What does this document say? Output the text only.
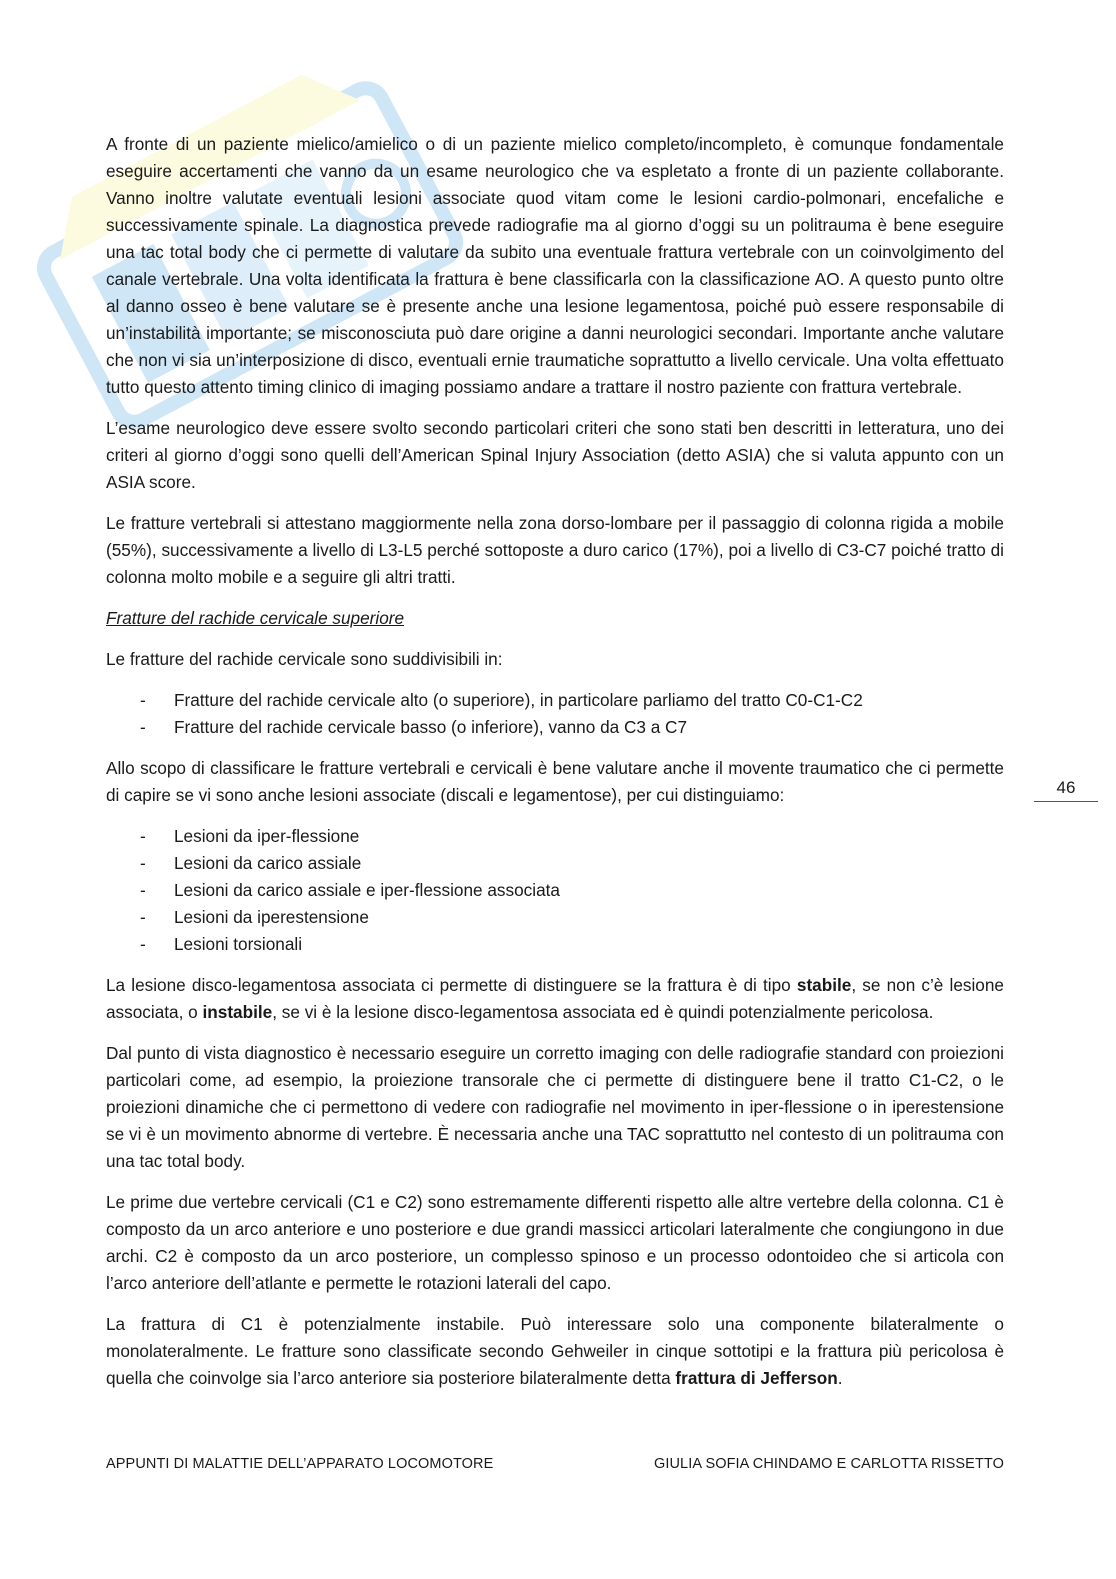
A fronte di un paziente mielico/amielico o di un paziente mielico completo/incompleto, è comunque fondamentale eseguire accertamenti che vanno da un esame neurologico che va espletato a fronte di un paziente collaborante. Vanno inoltre valutate eventuali lesioni associate quod vitam come le lesioni cardio-polmonari, encefaliche e successivamente spinale. La diagnostica prevede radiografie ma al giorno d’oggi su un politrauma è bene eseguire una tac total body che ci permette di valutare da subito una eventuale frattura vertebrale con un coinvolgimento del canale vertebrale. Una volta identificata la frattura è bene classificarla con la classificazione AO. A questo punto oltre al danno osseo è bene valutare se è presente anche una lesione legamentosa, poiché può essere responsabile di un’instabilità importante; se misconosciuta può dare origine a danni neurologici secondari. Importante anche valutare che non vi sia un’interposizione di disco, eventuali ernie traumatiche soprattutto a livello cervicale. Una volta effettuato tutto questo attento timing clinico di imaging possiamo andare a trattare il nostro paziente con frattura vertebrale.

L’esame neurologico deve essere svolto secondo particolari criteri che sono stati ben descritti in letteratura, uno dei criteri al giorno d’oggi sono quelli dell’American Spinal Injury Association (detto ASIA) che si valuta appunto con un ASIA score.

Le fratture vertebrali si attestano maggiormente nella zona dorso-lombare per il passaggio di colonna rigida a mobile (55%), successivamente a livello di L3-L5 perché sottoposte a duro carico (17%), poi a livello di C3-C7 poiché tratto di colonna molto mobile e a seguire gli altri tratti.

Fratture del rachide cervicale superiore

Le fratture del rachide cervicale sono suddivisibili in:

- Fratture del rachide cervicale alto (o superiore), in particolare parliamo del tratto C0-C1-C2
- Fratture del rachide cervicale basso (o inferiore), vanno da C3 a C7

Allo scopo di classificare le fratture vertebrali e cervicali è bene valutare anche il movente traumatico che ci permette di capire se vi sono anche lesioni associate (discali e legamentose), per cui distinguiamo:

- Lesioni da iper-flessione
- Lesioni da carico assiale
- Lesioni da carico assiale e iper-flessione associata
- Lesioni da iperestensione
- Lesioni torsionali

La lesione disco-legamentosa associata ci permette di distinguere se la frattura è di tipo stabile, se non c’è lesione associata, o instabile, se vi è la lesione disco-legamentosa associata ed è quindi potenzialmente pericolosa.

Dal punto di vista diagnostico è necessario eseguire un corretto imaging con delle radiografie standard con proiezioni particolari come, ad esempio, la proiezione transorale che ci permette di distinguere bene il tratto C1-C2, o le proiezioni dinamiche che ci permettono di vedere con radiografie nel movimento in iper-flessione o in iperestensione se vi è un movimento abnorme di vertebre. È necessaria anche una TAC soprattutto nel contesto di un politrauma con una tac total body.

Le prime due vertebre cervicali (C1 e C2) sono estremamente differenti rispetto alle altre vertebre della colonna. C1 è composto da un arco anteriore e uno posteriore e due grandi massicci articolari lateralmente che congiungono in due archi. C2 è composto da un arco posteriore, un complesso spinoso e un processo odontoideo che si articola con l’arco anteriore dell’atlante e permette le rotazioni laterali del capo.

La frattura di C1 è potenzialmente instabile. Può interessare solo una componente bilateralmente o monolateralmente. Le fratture sono classificate secondo Gehweiler in cinque sottotipi e la frattura più pericolosa è quella che coinvolge sia l’arco anteriore sia posteriore bilateralmente detta frattura di Jefferson.

46
APPUNTI DI MALATTIE DELL’APPARATO LOCOMOTORE	GIULIA SOFIA CHINDAMO E CARLOTTA RISSETTO
